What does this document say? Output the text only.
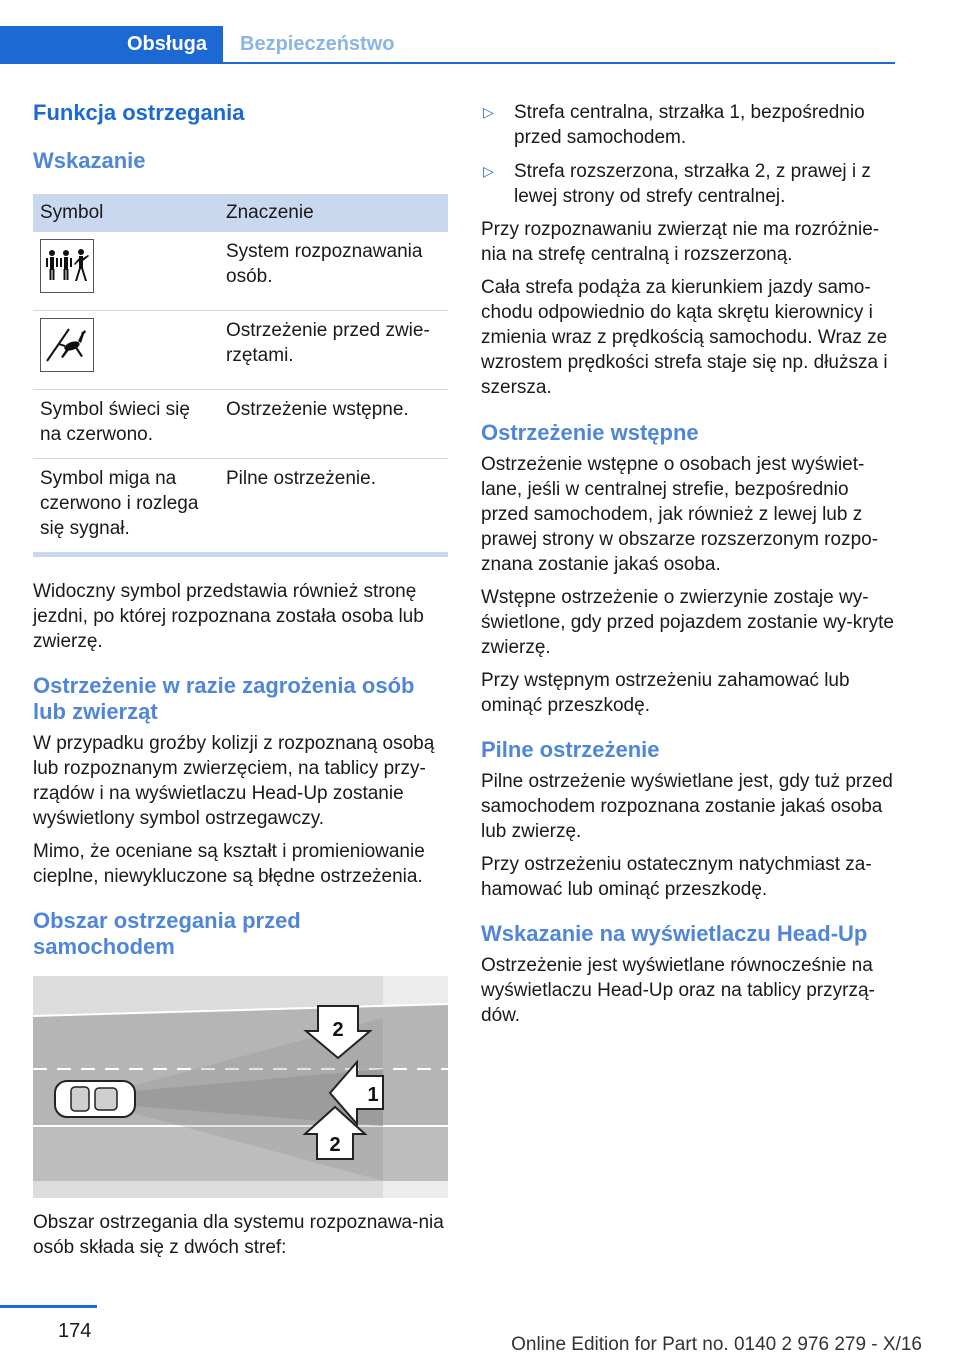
Obsługa	Bezpieczeństwo
Funkcja ostrzegania
Wskazanie
Symbol	Znaczenie
	System rozpoznawania osób.
	Ostrzeżenie przed zwie-rzętami.
Symbol świeci się na czerwono.	Ostrzeżenie wstępne.
Symbol miga na czerwono i rozlega się sygnał.	Pilne ostrzeżenie.

Widoczny symbol przedstawia również stronę jezdni, po której rozpoznana została osoba lub zwierzę.

Ostrzeżenie w razie zagrożenia osób lub zwierząt

W przypadku groźby kolizji z rozpoznaną osobą lub rozpoznanym zwierzęciem, na tablicy przy-rządów i na wyświetlaczu Head-Up zostanie wyświetlony symbol ostrzegawczy.

Mimo, że oceniane są kształt i promieniowanie cieplne, niewykluczone są błędne ostrzeżenia.

Obszar ostrzegania przed samochodem
2
1
2

Obszar ostrzegania dla systemu rozpoznawa-nia osób składa się z dwóch stref:

▷ Strefa centralna, strzałka 1, bezpośrednio przed samochodem.

▷ Strefa rozszerzona, strzałka 2, z prawej i z lewej strony od strefy centralnej.

Przy rozpoznawaniu zwierząt nie ma rozróżnie-nia na strefę centralną i rozszerzoną.

Cała strefa podąża za kierunkiem jazdy samo-chodu odpowiednio do kąta skrętu kierownicy i zmienia wraz z prędkością samochodu. Wraz ze wzrostem prędkości strefa staje się np. dłuższa i szersza.

Ostrzeżenie wstępne

Ostrzeżenie wstępne o osobach jest wyświet-lane, jeśli w centralnej strefie, bezpośrednio przed samochodem, jak również z lewej lub z prawej strony w obszarze rozszerzonym rozpo-znana zostanie jakaś osoba.

Wstępne ostrzeżenie o zwierzynie zostaje wy-świetlone, gdy przed pojazdem zostanie wy-kryte zwierzę.

Przy wstępnym ostrzeżeniu zahamować lub ominąć przeszkodę.

Pilne ostrzeżenie

Pilne ostrzeżenie wyświetlane jest, gdy tuż przed samochodem rozpoznana zostanie jakaś osoba lub zwierzę.

Przy ostrzeżeniu ostatecznym natychmiast za-hamować lub ominąć przeszkodę.

Wskazanie na wyświetlaczu Head-Up

Ostrzeżenie jest wyświetlane równocześnie na wyświetlaczu Head-Up oraz na tablicy przyrzą-dów.

174
Online Edition for Part no. 0140 2 976 279 - X/16
